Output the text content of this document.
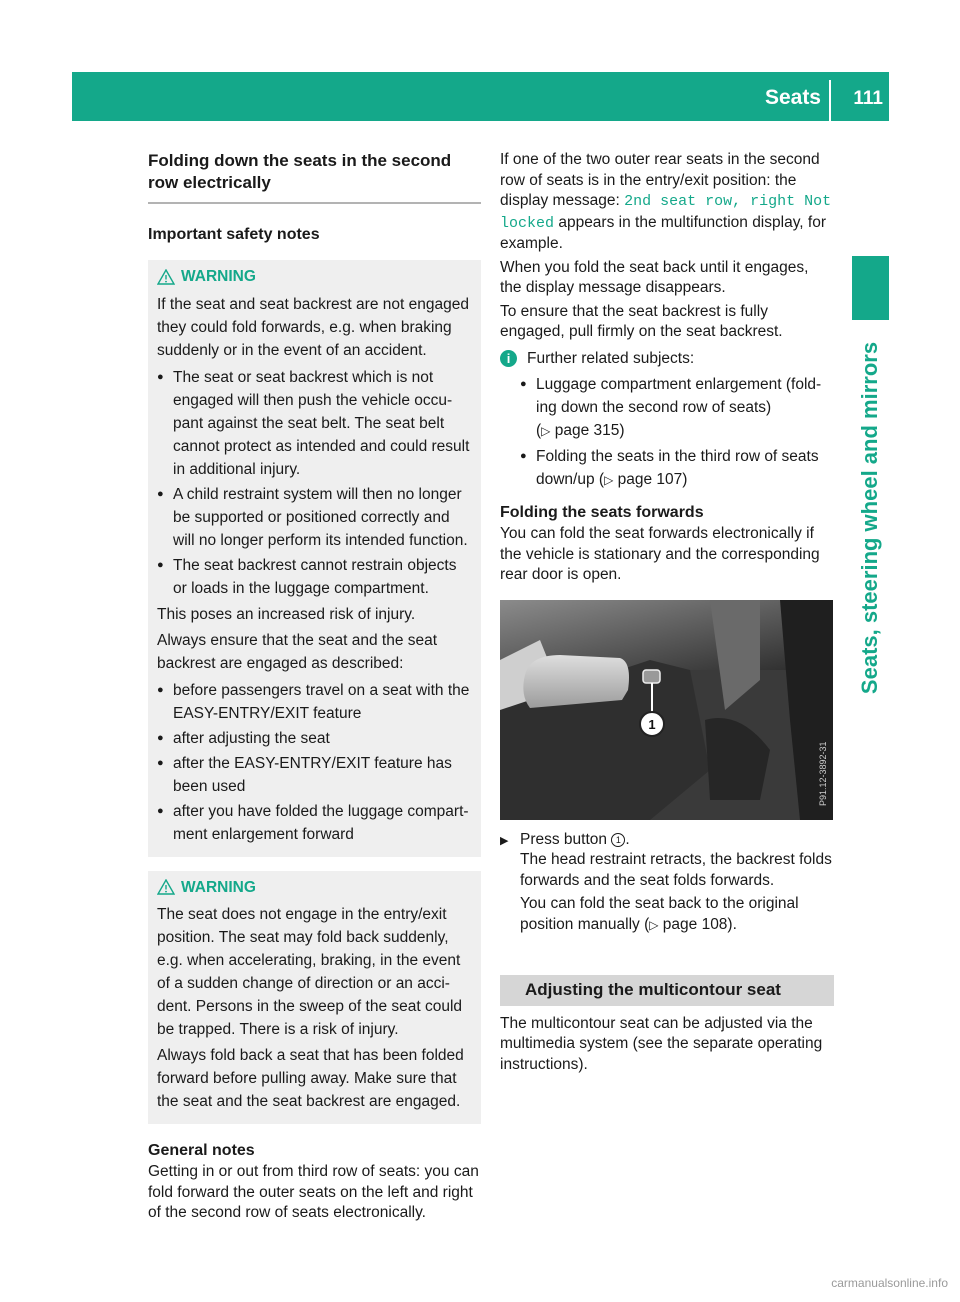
Seats 111
Seats, steering wheel and mirrors
Folding down the seats in the second row electrically
Important safety notes
WARNING

If the seat and seat backrest are not engaged they could fold forwards, e.g. when braking suddenly or in the event of an accident.

● The seat or seat backrest which is not engaged will then push the vehicle occu-pant against the seat belt. The seat belt cannot protect as intended and could result in additional injury.
● A child restraint system will then no longer be supported or positioned correctly and will no longer perform its intended function.
● The seat backrest cannot restrain objects or loads in the luggage compartment.

This poses an increased risk of injury.

Always ensure that the seat and the seat backrest are engaged as described:

● before passengers travel on a seat with the EASY-ENTRY/EXIT feature
● after adjusting the seat
● after the EASY-ENTRY/EXIT feature has been used
● after you have folded the luggage compart-ment enlargement forward
WARNING

The seat does not engage in the entry/exit position. The seat may fold back suddenly, e.g. when accelerating, braking, in the event of a sudden change of direction or an acci-dent. Persons in the sweep of the seat could be trapped. There is a risk of injury.

Always fold back a seat that has been folded forward before pulling away. Make sure that the seat and the seat backrest are engaged.

General notes

Getting in or out from third row of seats: you can fold forward the outer seats on the left and right of the second row of seats electronically.

If one of the two outer rear seats in the second row of seats is in the entry/exit position: the display message: 2nd seat row, right Not locked appears in the multifunction display, for example.

When you fold the seat back until it engages, the display message disappears.

To ensure that the seat backrest is fully engaged, pull firmly on the seat backrest.

i	Further related subjects:
● Luggage compartment enlargement (fold-ing down the second row of seats)
(▷ page 315)
● Folding the seats in the third row of seats down/up (▷ page 107)
Folding the seats forwards

You can fold the seat forwards electronically if the vehicle is stationary and the corresponding rear door is open.

1
P91.12-3892-31
▶ Press button 1 .

The head restraint retracts, the backrest folds forwards and the seat folds forwards.

You can fold the seat back to the original position manually (▷ page 108).

Adjusting the multicontour seat

The multicontour seat can be adjusted via the multimedia system (see the separate operating instructions).

carmanualsonline.info
